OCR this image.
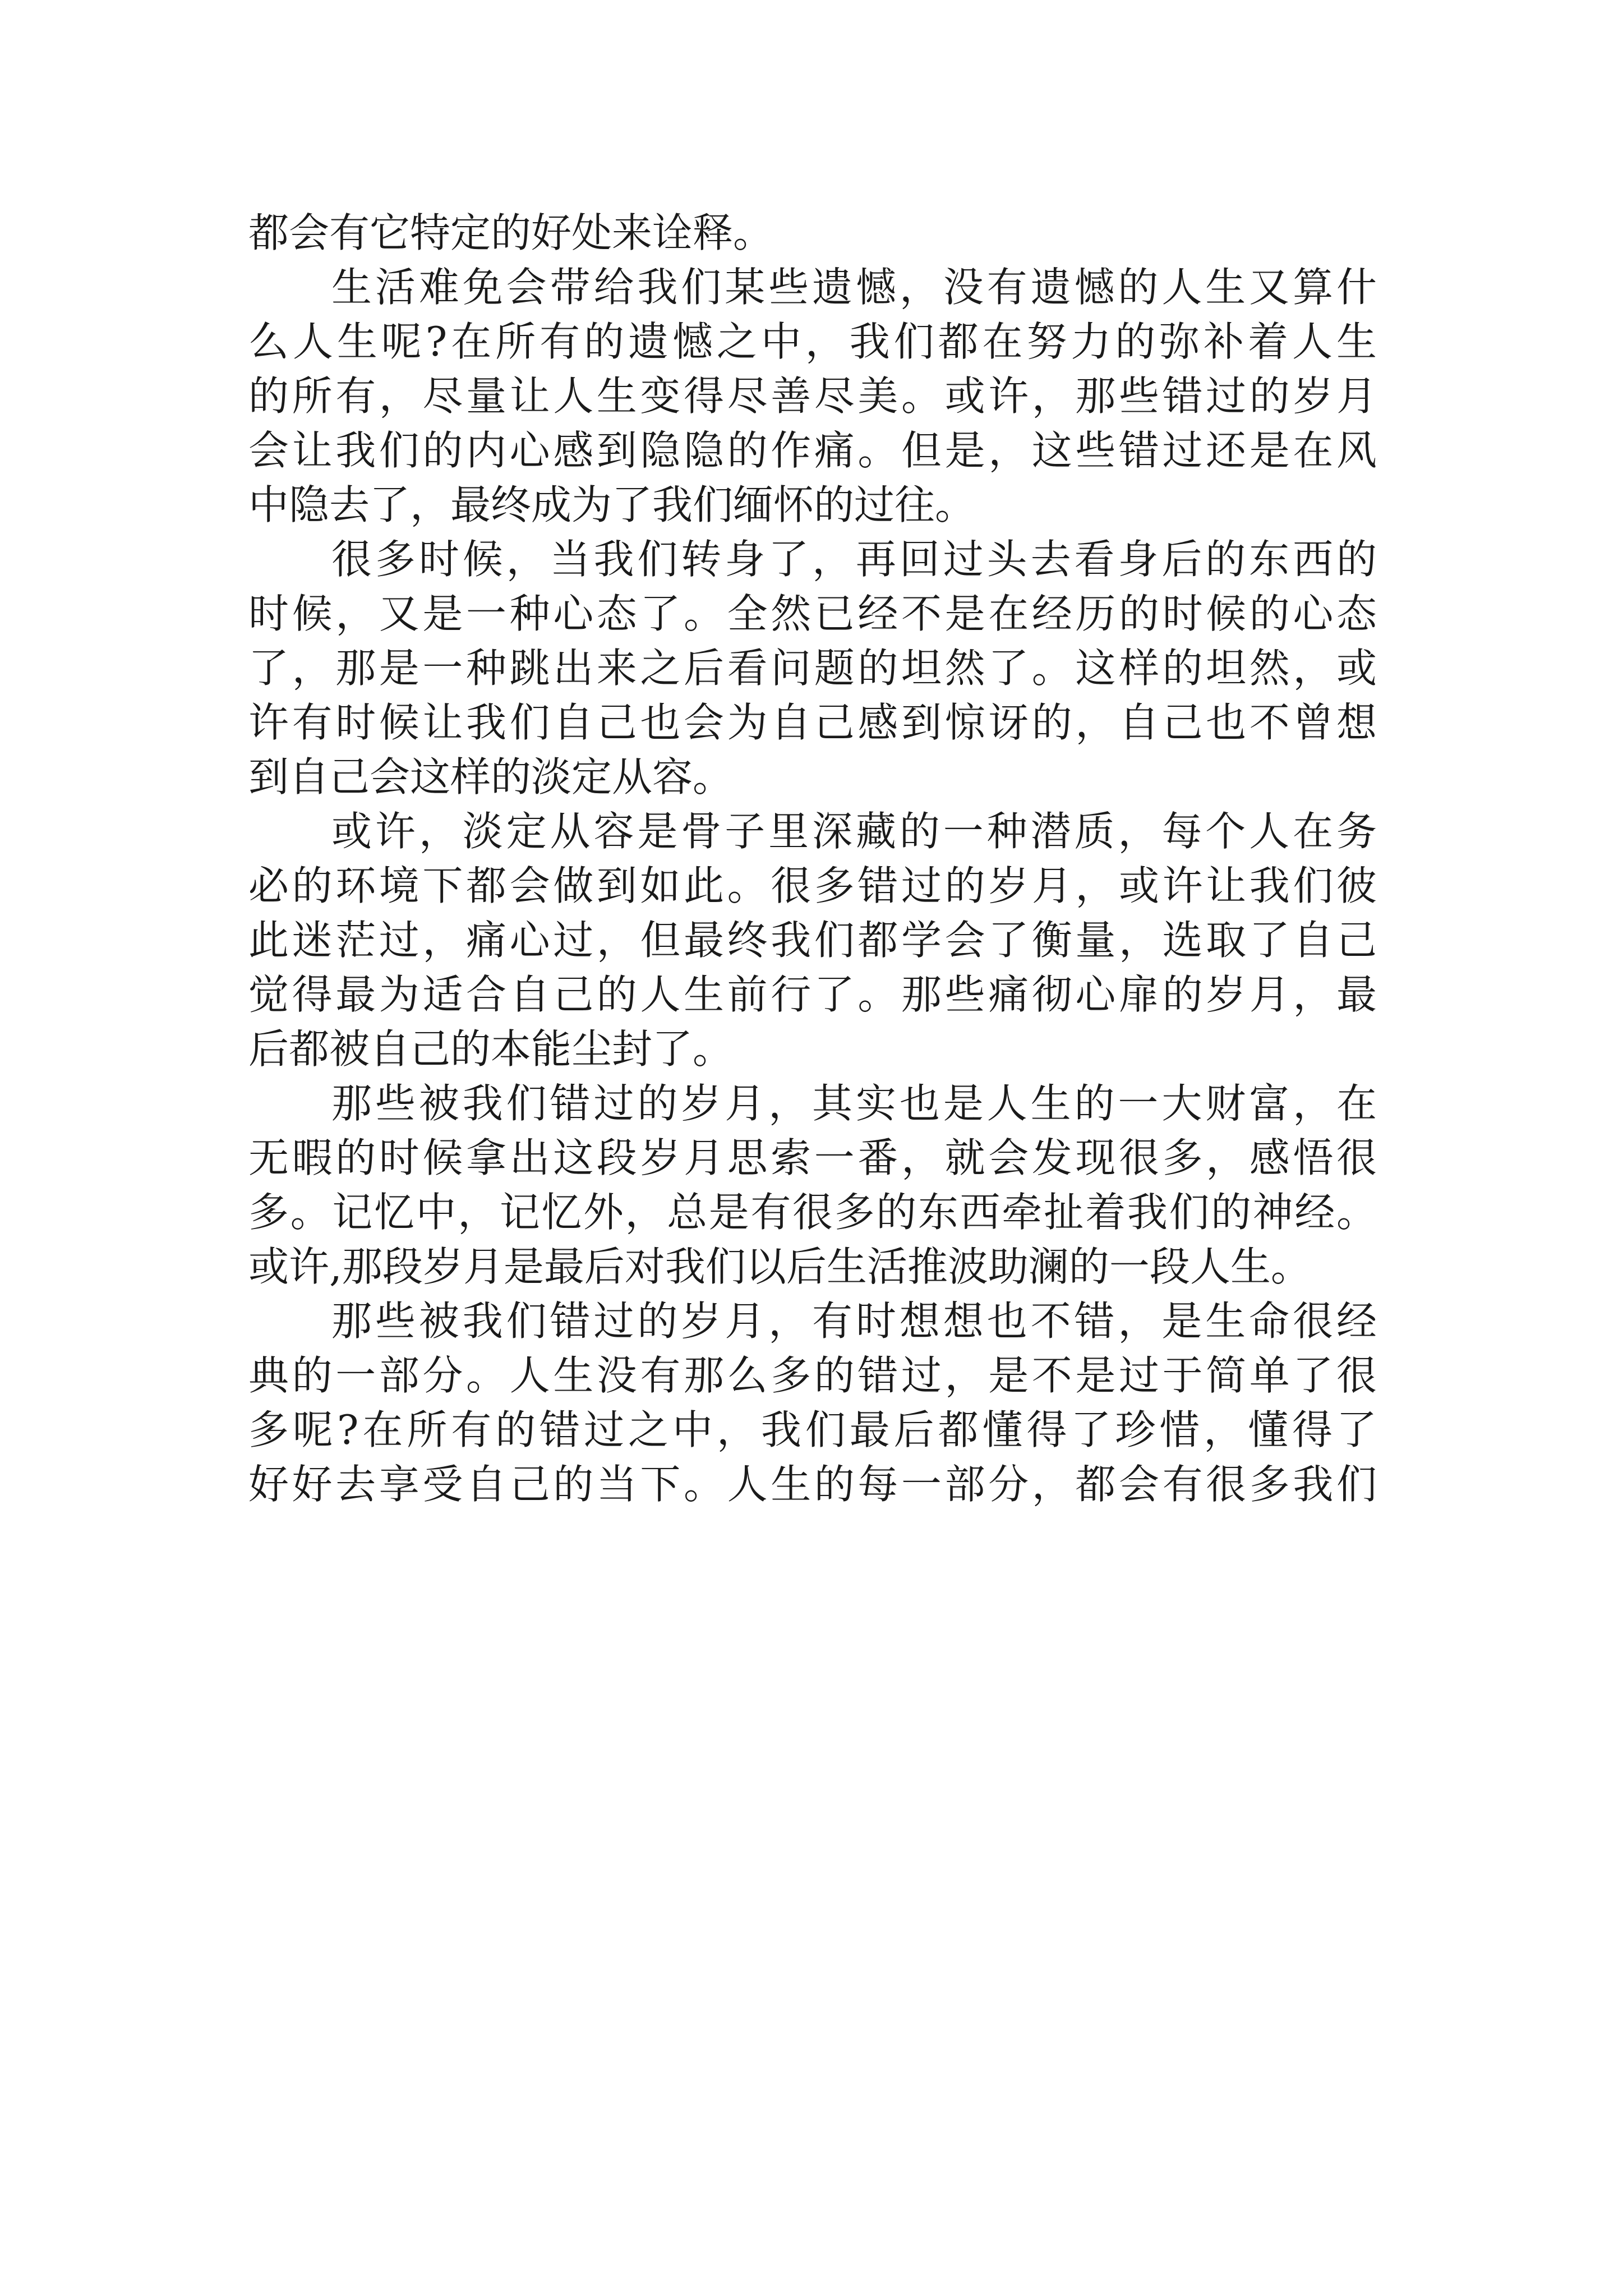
都会有它特定的好处来诠释。
生活难免会带给我们某些遗憾，没有遗憾的人生又算什
么人生呢?在所有的遗憾之中，我们都在努力的弥补着人生
的所有，尽量让人生变得尽善尽美。或许，那些错过的岁月
会让我们的内心感到隐隐的作痛。但是，这些错过还是在风
中隐去了，最终成为了我们缅怀的过往。
很多时候，当我们转身了，再回过头去看身后的东西的
时候，又是一种心态了。全然已经不是在经历的时候的心态
了，那是一种跳出来之后看问题的坦然了。这样的坦然，或
许有时候让我们自己也会为自己感到惊讶的，自己也不曾想
到自己会这样的淡定从容。
或许，淡定从容是骨子里深藏的一种潜质，每个人在务
必的环境下都会做到如此。很多错过的岁月，或许让我们彼
此迷茫过，痛心过，但最终我们都学会了衡量，选取了自己
觉得最为适合自己的人生前行了。那些痛彻心扉的岁月，最
后都被自己的本能尘封了。
那些被我们错过的岁月，其实也是人生的一大财富，在
无暇的时候拿出这段岁月思索一番，就会发现很多，感悟很
多。记忆中，记忆外，总是有很多的东西牵扯着我们的神经。
或许,那段岁月是最后对我们以后生活推波助澜的一段人生。
那些被我们错过的岁月，有时想想也不错，是生命很经
典的一部分。人生没有那么多的错过，是不是过于简单了很
多呢?在所有的错过之中，我们最后都懂得了珍惜，懂得了
好好去享受自己的当下。人生的每一部分，都会有很多我们
